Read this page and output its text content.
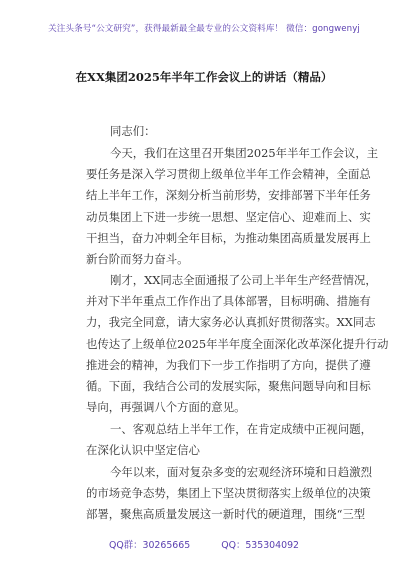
关注头条号“公文研究”，获得最新最全最专业的公文资料库！ 微信：gongwenyj
在XX集团2025年半年工作会议上的讲话（精品）
同志们：
今天，我们在这里召开集团2025年半年工作会议，主
要任务是深入学习贯彻上级单位半年工作会精神，全面总
结上半年工作，深刻分析当前形势，安排部署下半年任务
动员集团上下进一步统一思想、坚定信心、迎难而上、实
干担当，奋力冲刺全年目标，为推动集团高质量发展再上
新台阶而努力奋斗。
刚才，XX同志全面通报了公司上半年生产经营情况，
并对下半年重点工作作出了具体部署，目标明确、措施有
力，我完全同意，请大家务必认真抓好贯彻落实。XX同志
也传达了上级单位2025年半年度全面深化改革深化提升行动
推进会的精神，为我们下一步工作指明了方向，提供了遵
循。下面，我结合公司的发展实际，聚焦问题导向和目标
导向，再强调八个方面的意见。
一、客观总结上半年工作，在肯定成绩中正视问题，
在深化认识中坚定信心
今年以来，面对复杂多变的宏观经济环境和日趋激烈
的市场竞争态势，集团上下坚决贯彻落实上级单位的决策
部署，聚焦高质量发展这一新时代的硬道理，围绕“三型
QQ群：30265665	QQ：535304092
